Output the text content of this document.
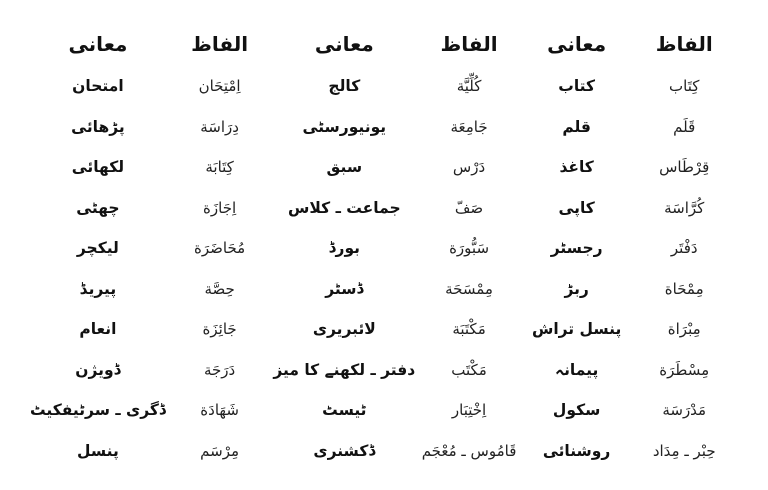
الفاظ
كِتَاب
قَلَم
قِرْطَاس
كُرَّاسَة
دَفْتَر
مِمْحَاة
مِبْرَاة
مِسْطَرَة
مَدْرَسَة
حِبْر ـ مِدَاد
معانی
کتاب
قلم
کاغذ
کاپی
رجسٹر
ربڑ
پنسل تراش
پیمانہ
سکول
روشنائی
الفاظ
كُلِّيَّة
جَامِعَة
دَرْس
صَفّ
سَبُّورَة
مِمْسَحَة
مَكْتَبَة
مَكْتَب
اِخْتِبَار
قَامُوس ـ مُعْجَم
معانی
کالج
یونیورسٹی
سبق
جماعت ـ کلاس
بورڈ
ڈسٹر
لائبریری
دفتر ـ لکھنے کا میز
ٹیسٹ
ڈکشنری
الفاظ
اِمْتِحَان
دِرَاسَة
كِتَابَة
اِجَازَة
مُحَاضَرَة
حِصَّة
جَائِزَة
دَرَجَة
شَهَادَة
مِرْسَم
معانی
امتحان
پڑھائی
لکھائی
چھٹی
لیکچر
پیریڈ
انعام
ڈویژن
ڈگری ـ سرٹیفکیٹ
پنسل
